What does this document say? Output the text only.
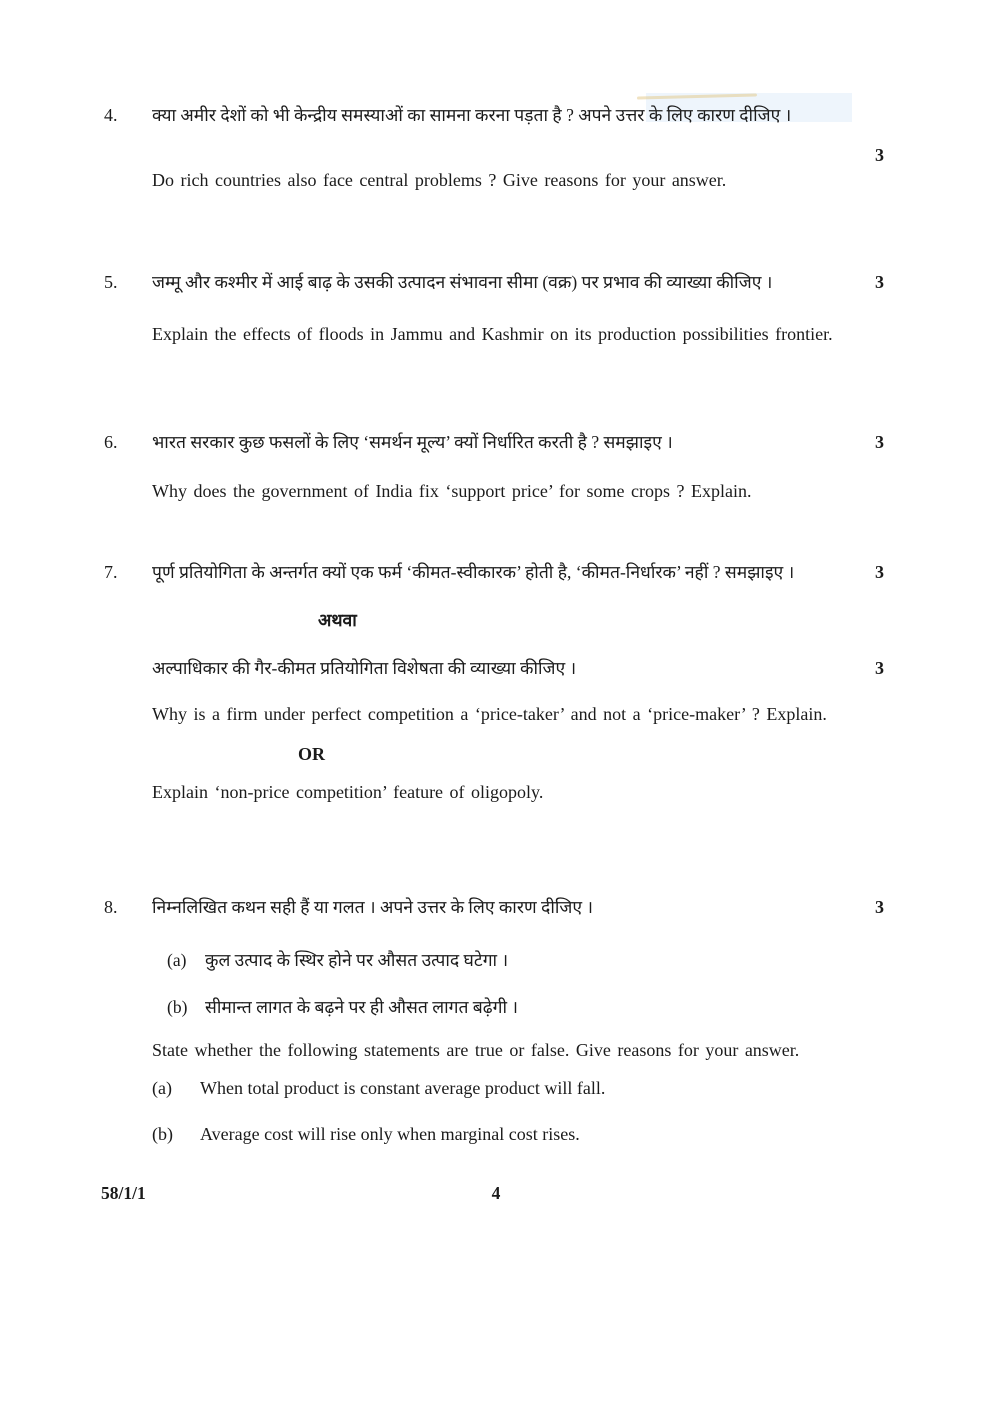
4.
3
क्या अमीर देशों को भी केन्द्रीय समस्याओं का सामना करना पड़ता है ? अपने उत्तर के लिए कारण दीजिए ।
Do rich countries also face central problems ? Give reasons for your answer.
5.	3
जम्मू और कश्मीर में आई बाढ़ के उसकी उत्पादन संभावना सीमा (वक्र) पर प्रभाव की व्याख्या कीजिए ।
Explain the effects of floods in Jammu and Kashmir on its production possibilities frontier.
6.	3
भारत सरकार कुछ फसलों के लिए ‘समर्थन मूल्य’ क्यों निर्धारित करती है ? समझाइए ।
Why does the government of India fix ‘support price’ for some crops ? Explain.
7.	3
3
पूर्ण प्रतियोगिता के अन्तर्गत क्यों एक फर्म ‘कीमत-स्वीकारक’ होती है, ‘कीमत-निर्धारक’ नहीं ? समझाइए ।
अथवा
अल्पाधिकार की गैर-कीमत प्रतियोगिता विशेषता की व्याख्या कीजिए ।
Why is a firm under perfect competition a ‘price-taker’ and not a ‘price-maker’ ? Explain.
OR
Explain ‘non-price competition’ feature of oligopoly.
8.	3
निम्नलिखित कथन सही हैं या गलत । अपने उत्तर के लिए कारण दीजिए ।
(a)	कुल उत्पाद के स्थिर होने पर औसत उत्पाद घटेगा ।
(b)	सीमान्त लागत के बढ़ने पर ही औसत लागत बढ़ेगी ।
State whether the following statements are true or false. Give reasons for your answer.
(a)	When total product is constant average product will fall.
(b)	Average cost will rise only when marginal cost rises.
58/1/1	4
